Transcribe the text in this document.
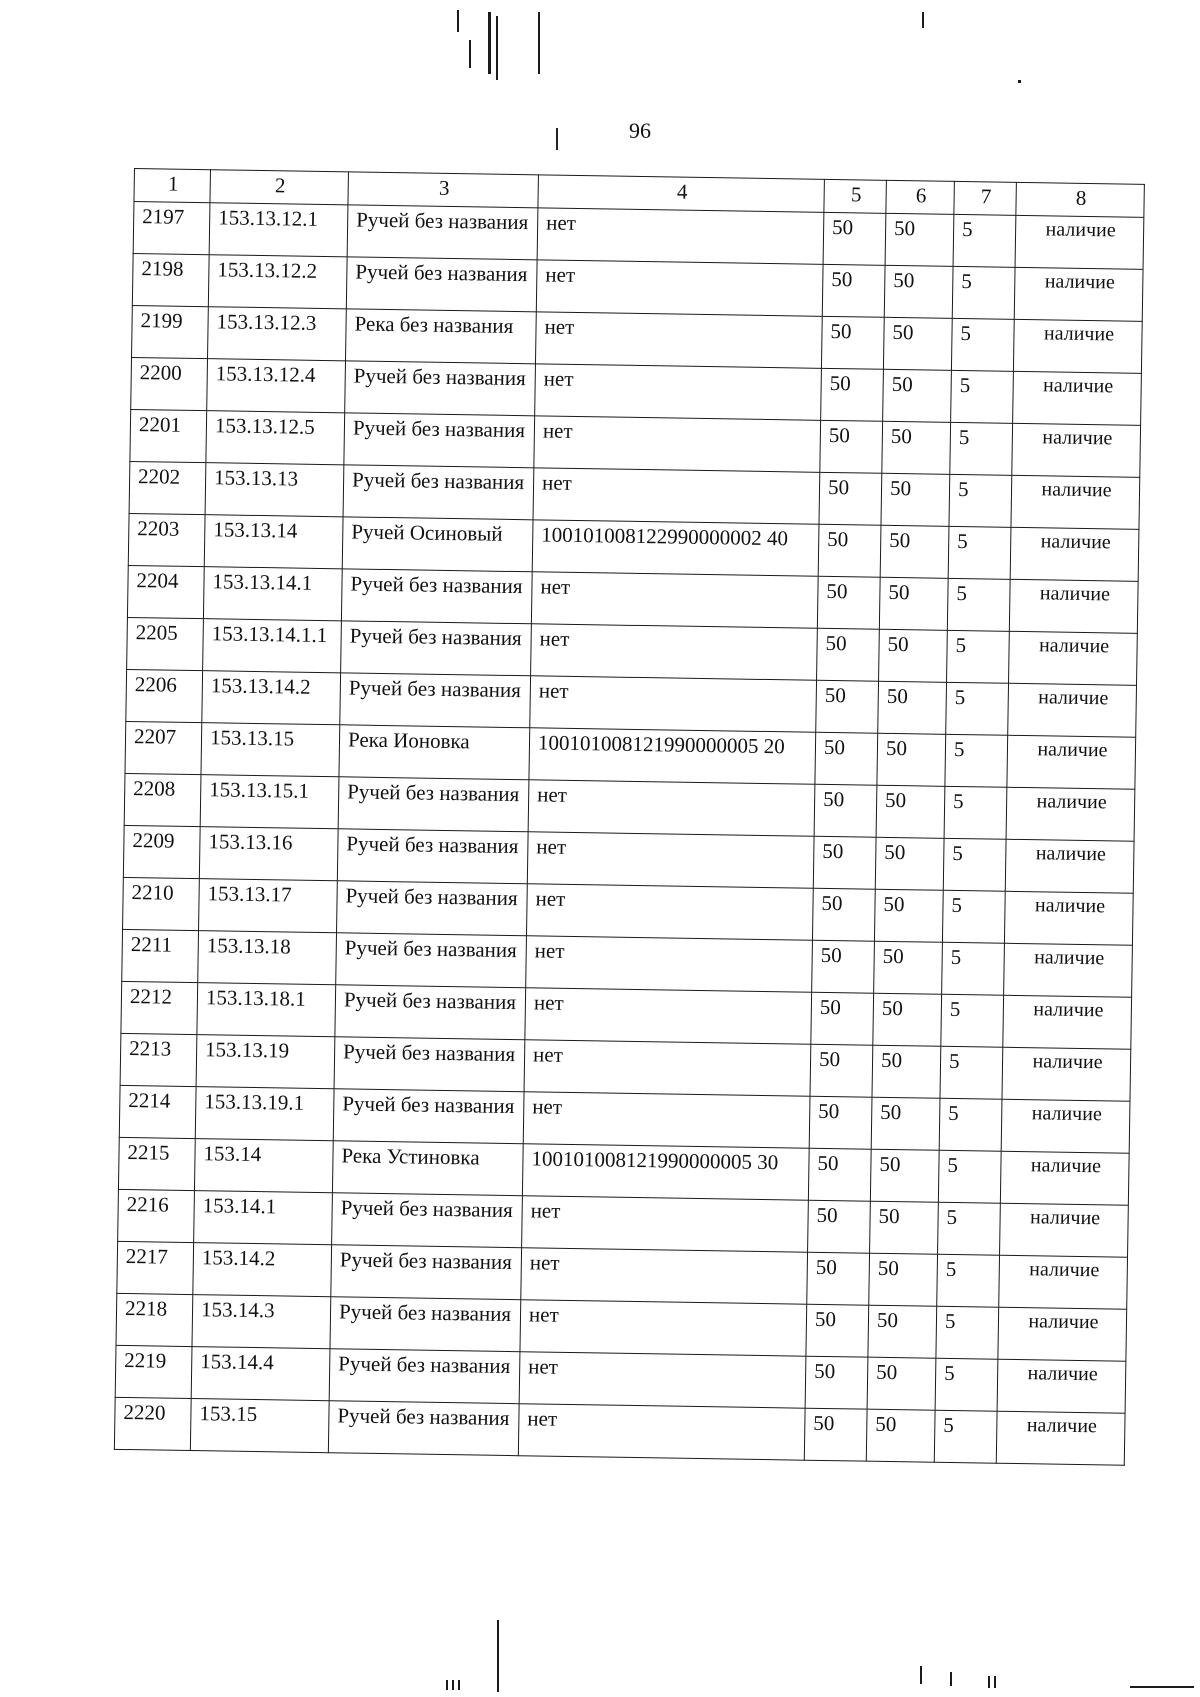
96
1	2	3	4	5	6	7	8
2197	153.13.12.1	Ручей без названия	нет	50	50	5	наличие
2198	153.13.12.2	Ручей без названия	нет	50	50	5	наличие
2199	153.13.12.3	Река без названия	нет	50	50	5	наличие
2200	153.13.12.4	Ручей без названия	нет	50	50	5	наличие
2201	153.13.12.5	Ручей без названия	нет	50	50	5	наличие
2202	153.13.13	Ручей без названия	нет	50	50	5	наличие
2203	153.13.14	Ручей Осиновый	100101008122990000002 40	50	50	5	наличие
2204	153.13.14.1	Ручей без названия	нет	50	50	5	наличие
2205	153.13.14.1.1	Ручей без названия	нет	50	50	5	наличие
2206	153.13.14.2	Ручей без названия	нет	50	50	5	наличие
2207	153.13.15	Река Ионовка	100101008121990000005 20	50	50	5	наличие
2208	153.13.15.1	Ручей без названия	нет	50	50	5	наличие
2209	153.13.16	Ручей без названия	нет	50	50	5	наличие
2210	153.13.17	Ручей без названия	нет	50	50	5	наличие
2211	153.13.18	Ручей без названия	нет	50	50	5	наличие
2212	153.13.18.1	Ручей без названия	нет	50	50	5	наличие
2213	153.13.19	Ручей без названия	нет	50	50	5	наличие
2214	153.13.19.1	Ручей без названия	нет	50	50	5	наличие
2215	153.14	Река Устиновка	100101008121990000005 30	50	50	5	наличие
2216	153.14.1	Ручей без названия	нет	50	50	5	наличие
2217	153.14.2	Ручей без названия	нет	50	50	5	наличие
2218	153.14.3	Ручей без названия	нет	50	50	5	наличие
2219	153.14.4	Ручей без названия	нет	50	50	5	наличие
2220	153.15	Ручей без названия	нет	50	50	5	наличие
